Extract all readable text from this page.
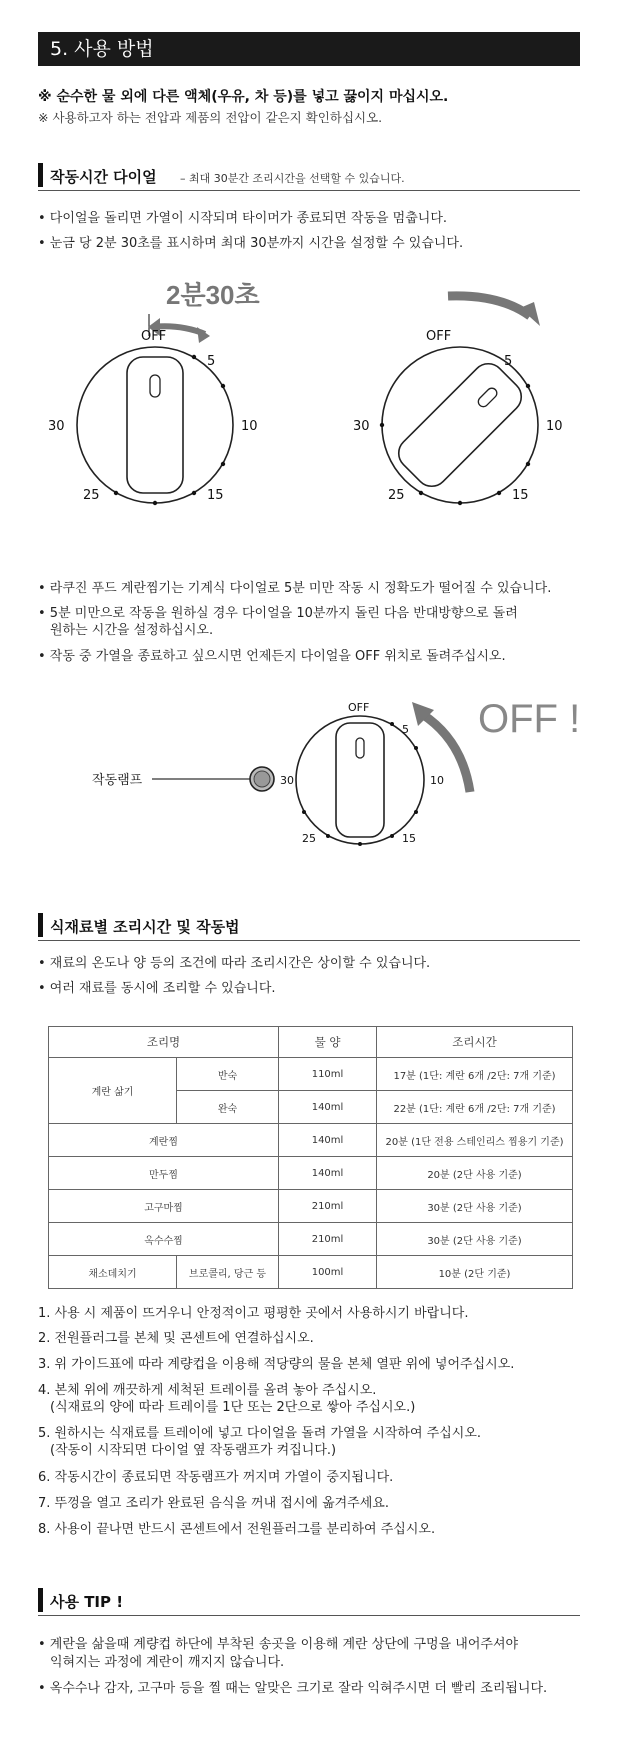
5. 사용 방법
※ 순수한 물 외에 다른 액체(우유, 차 등)를 넣고 끓이지 마십시오.
※ 사용하고자 하는 전압과 제품의 전압이 같은지 확인하십시오.
작동시간 다이얼 – 최대 30분간 조리시간을 선택할 수 있습니다.
• 다이얼을 돌리면 가열이 시작되며 타이머가 종료되면 작동을 멈춥니다.
• 눈금 당 2분 30초를 표시하며 최대 30분까지 시간을 설정할 수 있습니다.
2분30초
OFF
5
10
15
25
30
OFF
5
10
15
25
30
• 라쿠진 푸드 계란찜기는 기계식 다이얼로 5분 미만 작동 시 정확도가 떨어질 수 있습니다.
• 5분 미만으로 작동을 원하실 경우 다이얼을 10분까지 돌린 다음 반대방향으로 돌려
원하는 시간을 설정하십시오.
• 작동 중 가열을 종료하고 싶으시면 언제든지 다이얼을 OFF 위치로 돌려주십시오.
OFF !
작동램프
OFF
5
10
15
25
30
식재료별 조리시간 및 작동법
• 재료의 온도나 양 등의 조건에 따라 조리시간은 상이할 수 있습니다.
• 여러 재료를 동시에 조리할 수 있습니다.
조리명		물 양	조리시간
계란 삶기	반숙	110ml	17분 (1단: 계란 6개 /2단: 7개 기준)
	완숙	140ml	22분 (1단: 계란 6개 /2단: 7개 기준)
계란찜		140ml	20분 (1단 전용 스테인리스 찜용기 기준)
만두찜		140ml	20분 (2단 사용 기준)
고구마찜		210ml	30분 (2단 사용 기준)
옥수수찜		210ml	30분 (2단 사용 기준)
채소데치기	브로콜리, 당근 등	100ml	10분 (2단 기준)
1. 사용 시 제품이 뜨거우니 안정적이고 평평한 곳에서 사용하시기 바랍니다.
2. 전원플러그를 본체 및 콘센트에 연결하십시오.
3. 위 가이드표에 따라 계량컵을 이용해 적당량의 물을 본체 열판 위에 넣어주십시오.
4. 본체 위에 깨끗하게 세척된 트레이를 올려 놓아 주십시오.
(식재료의 양에 따라 트레이를 1단 또는 2단으로 쌓아 주십시오.)
5. 원하시는 식재료를 트레이에 넣고 다이얼을 돌려 가열을 시작하여 주십시오.
(작동이 시작되면 다이얼 옆 작동램프가 켜집니다.)
6. 작동시간이 종료되면 작동램프가 꺼지며 가열이 중지됩니다.
7. 뚜껑을 열고 조리가 완료된 음식을 꺼내 접시에 옮겨주세요.
8. 사용이 끝나면 반드시 콘센트에서 전원플러그를 분리하여 주십시오.
사용 TIP !
• 계란을 삶을때 계량컵 하단에 부착된 송곳을 이용해 계란 상단에 구멍을 내어주셔야
익혀지는 과정에 계란이 깨지지 않습니다.
• 옥수수나 감자, 고구마 등을 찔 때는 알맞은 크기로 잘라 익혀주시면 더 빨리 조리됩니다.
